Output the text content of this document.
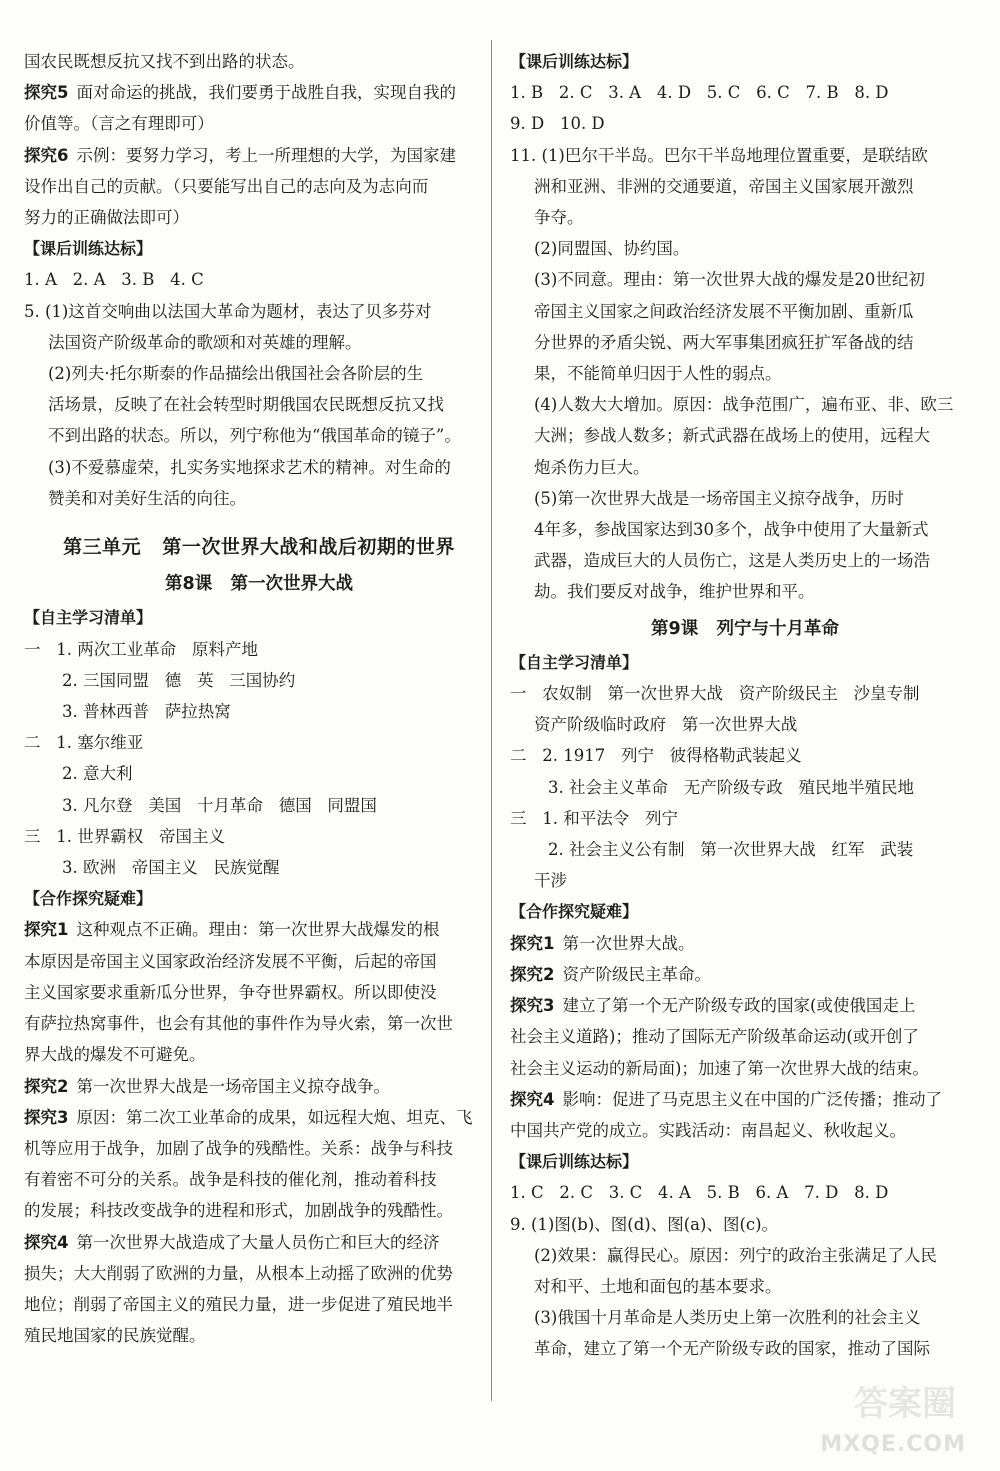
国农民既想反抗又找不到出路的状态。
探究5 面对命运的挑战，我们要勇于战胜自我，实现自我的
价值等。（言之有理即可）
探究6 示例：要努力学习，考上一所理想的大学，为国家建
设作出自己的贡献。（只要能写出自己的志向及为志向而
努力的正确做法即可）
【课后训练达标】
1. A   2. A   3. B   4. C
5. (1)这首交响曲以法国大革命为题材，表达了贝多芬对
法国资产阶级革命的歌颂和对英雄的理解。
(2)列夫·托尔斯泰的作品描绘出俄国社会各阶层的生
活场景，反映了在社会转型时期俄国农民既想反抗又找
不到出路的状态。所以，列宁称他为“俄国革命的镜子”。
(3)不爱慕虚荣，扎实务实地探求艺术的精神。对生命的
赞美和对美好生活的向往。
第三单元   第一次世界大战和战后初期的世界
第8课   第一次世界大战
【自主学习清单】
一   1. 两次工业革命   原料产地
2. 三国同盟   德   英   三国协约
3. 普林西普   萨拉热窝
二   1. 塞尔维亚
2. 意大利
3. 凡尔登   美国   十月革命   德国   同盟国
三   1. 世界霸权   帝国主义
3. 欧洲   帝国主义   民族觉醒
【合作探究疑难】
探究1 这种观点不正确。理由：第一次世界大战爆发的根
本原因是帝国主义国家政治经济发展不平衡，后起的帝国
主义国家要求重新瓜分世界，争夺世界霸权。所以即使没
有萨拉热窝事件，也会有其他的事件作为导火索，第一次世
界大战的爆发不可避免。
探究2 第一次世界大战是一场帝国主义掠夺战争。
探究3 原因：第二次工业革命的成果，如远程大炮、坦克、飞
机等应用于战争，加剧了战争的残酷性。关系：战争与科技
有着密不可分的关系。战争是科技的催化剂，推动着科技
的发展；科技改变战争的进程和形式，加剧战争的残酷性。
探究4 第一次世界大战造成了大量人员伤亡和巨大的经济
损失；大大削弱了欧洲的力量，从根本上动摇了欧洲的优势
地位；削弱了帝国主义的殖民力量，进一步促进了殖民地半
殖民地国家的民族觉醒。
【课后训练达标】
1. B   2. C   3. A   4. D   5. C   6. C   7. B   8. D
9. D   10. D
11. (1)巴尔干半岛。巴尔干半岛地理位置重要，是联结欧
洲和亚洲、非洲的交通要道，帝国主义国家展开激烈
争夺。
(2)同盟国、协约国。
(3)不同意。理由：第一次世界大战的爆发是20世纪初
帝国主义国家之间政治经济发展不平衡加剧、重新瓜
分世界的矛盾尖锐、两大军事集团疯狂扩军备战的结
果，不能简单归因于人性的弱点。
(4)人数大大增加。原因：战争范围广，遍布亚、非、欧三
大洲；参战人数多；新式武器在战场上的使用，远程大
炮杀伤力巨大。
(5)第一次世界大战是一场帝国主义掠夺战争，历时
4年多，参战国家达到30多个，战争中使用了大量新式
武器，造成巨大的人员伤亡，这是人类历史上的一场浩
劫。我们要反对战争，维护世界和平。
第9课   列宁与十月革命
【自主学习清单】
一   农奴制   第一次世界大战   资产阶级民主   沙皇专制
资产阶级临时政府   第一次世界大战
二   2. 1917   列宁   彼得格勒武装起义
3. 社会主义革命   无产阶级专政   殖民地半殖民地
三   1. 和平法令   列宁
2. 社会主义公有制   第一次世界大战   红军   武装
干涉
【合作探究疑难】
探究1 第一次世界大战。
探究2 资产阶级民主革命。
探究3 建立了第一个无产阶级专政的国家(或使俄国走上
社会主义道路)；推动了国际无产阶级革命运动(或开创了
社会主义运动的新局面)；加速了第一次世界大战的结束。
探究4 影响：促进了马克思主义在中国的广泛传播；推动了
中国共产党的成立。实践活动：南昌起义、秋收起义。
【课后训练达标】
1. C   2. C   3. C   4. A   5. B   6. A   7. D   8. D
9. (1)图(b)、图(d)、图(a)、图(c)。
(2)效果：赢得民心。原因：列宁的政治主张满足了人民
对和平、土地和面包的基本要求。
(3)俄国十月革命是人类历史上第一次胜利的社会主义
革命，建立了第一个无产阶级专政的国家，推动了国际
答案圈
MXQE.COM
